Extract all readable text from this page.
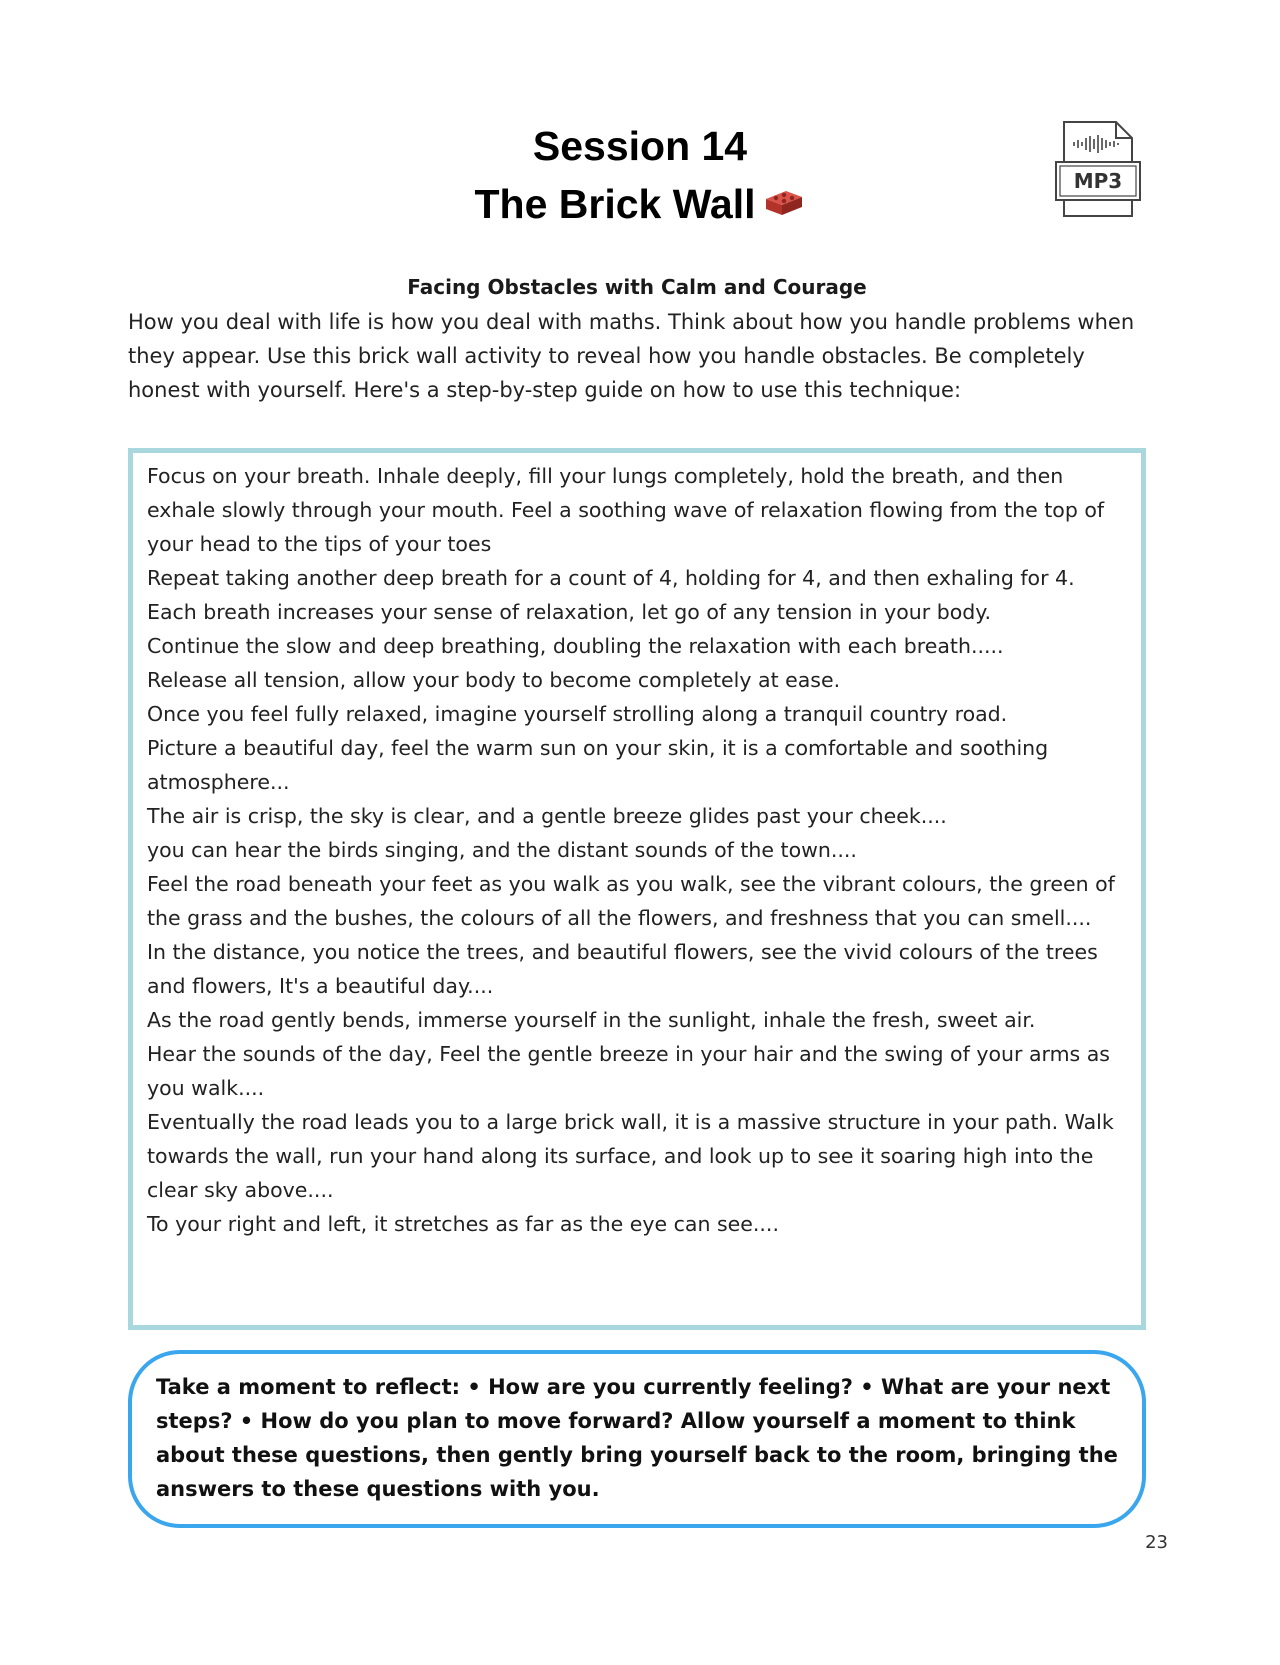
Session 14
The Brick Wall	MP3
Facing Obstacles with Calm and Courage

How you deal with life is how you deal with maths. Think about how you handle problems when they appear. Use this brick wall activity to reveal how you handle obstacles. Be completely honest with yourself. Here's a step-by-step guide on how to use this technique:

Focus on your breath. Inhale deeply, fill your lungs completely, hold the breath, and then exhale slowly through your mouth. Feel a soothing wave of relaxation flowing from the top of your head to the tips of your toes
Repeat taking another deep breath for a count of 4, holding for 4, and then exhaling for 4.
Each breath increases your sense of relaxation, let go of any tension in your body.
Continue the slow and deep breathing, doubling the relaxation with each breath.....
Release all tension, allow your body to become completely at ease.
Once you feel fully relaxed, imagine yourself strolling along a tranquil country road.
Picture a beautiful day, feel the warm sun on your skin, it is a comfortable and soothing atmosphere...
The air is crisp, the sky is clear, and a gentle breeze glides past your cheek....
you can hear the birds singing, and the distant sounds of the town....
Feel the road beneath your feet as you walk as you walk, see the vibrant colours, the green of the grass and the bushes, the colours of all the flowers, and freshness that you can smell....
In the distance, you notice the trees, and beautiful flowers, see the vivid colours of the trees and flowers, It's a beautiful day....
As the road gently bends, immerse yourself in the sunlight, inhale the fresh, sweet air.
Hear the sounds of the day, Feel the gentle breeze in your hair and the swing of your arms as you walk....
Eventually the road leads you to a large brick wall, it is a massive structure in your path. Walk towards the wall, run your hand along its surface, and look up to see it soaring high into the clear sky above....
To your right and left, it stretches as far as the eye can see....

Take a moment to reflect: • How are you currently feeling? • What are your next steps? • How do you plan to move forward? Allow yourself a moment to think about these questions, then gently bring yourself back to the room, bringing the answers to these questions with you.

23
